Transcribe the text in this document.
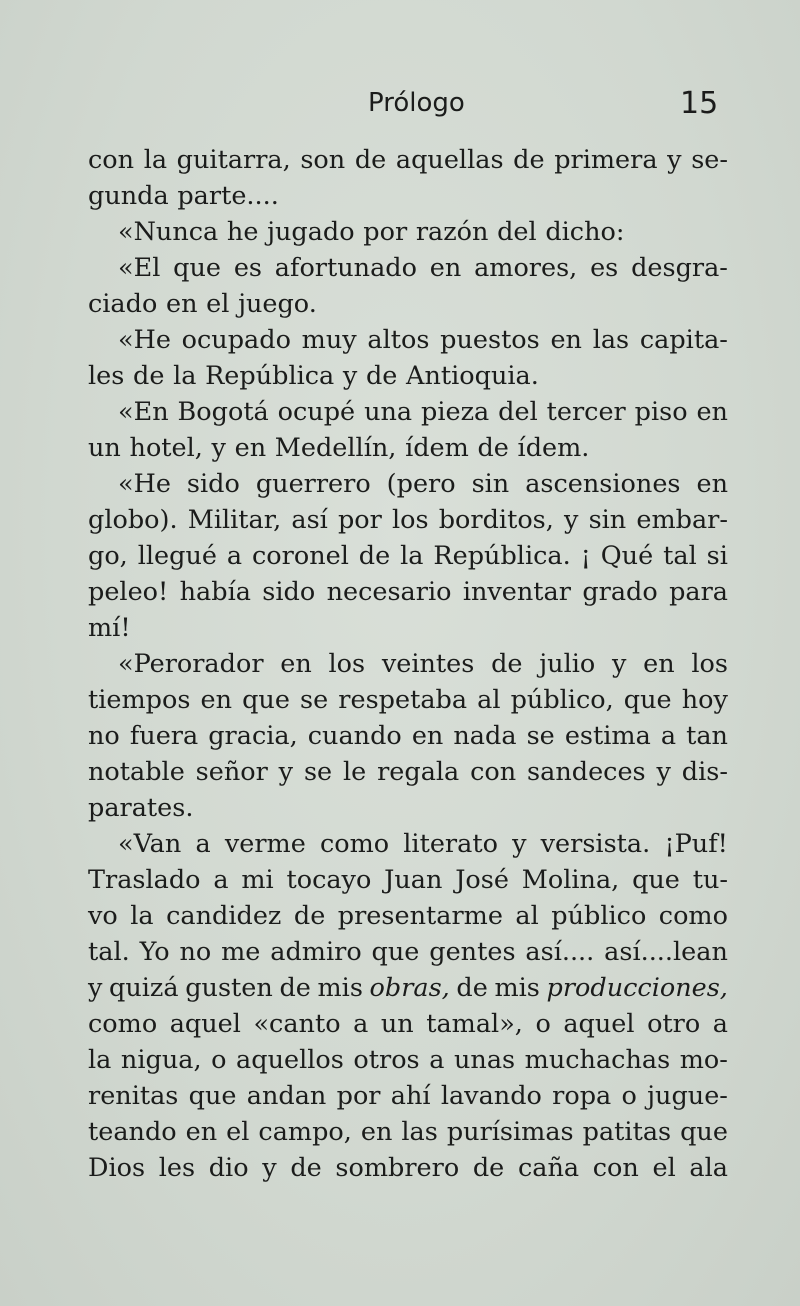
Prólogo	15
con la guitarra, son de aquellas de primera y se-
gunda parte....
«Nunca he jugado por razón del dicho:
«El que es afortunado en amores, es desgra-
ciado en el juego.
«He ocupado muy altos puestos en las capita-
les de la República y de Antioquia.
«En Bogotá ocupé una pieza del tercer piso en
un hotel, y en Medellín, ídem de ídem.
«He sido guerrero (pero sin ascensiones en
globo). Militar, así por los borditos, y sin embar-
go, llegué a coronel de la República. ¡ Qué tal si
peleo! había sido necesario inventar grado para
mí!
«Perorador en los veintes de julio y en los
tiempos en que se respetaba al público, que hoy
no fuera gracia, cuando en nada se estima a tan
notable señor y se le regala con sandeces y dis-
parates.
«Van a verme como literato y versista. ¡Puf!
Traslado a mi tocayo Juan José Molina, que tu-
vo la candidez de presentarme al público como
tal. Yo no me admiro que gentes así.... así....lean
y quizá gusten de mis obras, de mis producciones,
como aquel «canto a un tamal», o aquel otro a
la nigua, o aquellos otros a unas muchachas mo-
renitas que andan por ahí lavando ropa o jugue-
teando en el campo, en las purísimas patitas que
Dios les dio y de sombrero de caña con el ala
